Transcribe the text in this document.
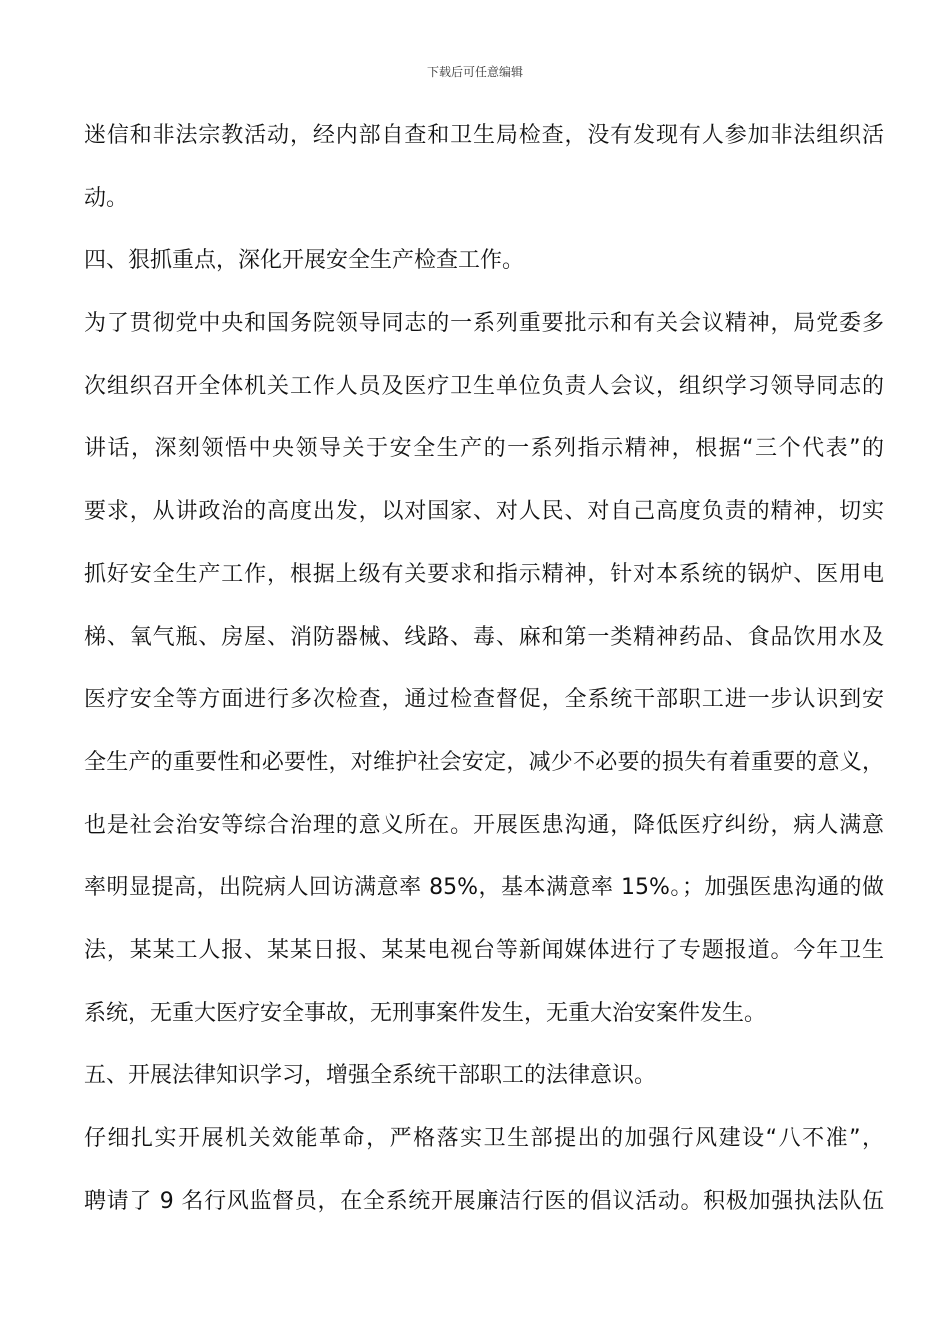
下载后可任意编辑
迷信和非法宗教活动，经内部自查和卫生局检查，没有发现有人参加非法组织活
动。
四、狠抓重点，深化开展安全生产检查工作。
为了贯彻党中央和国务院领导同志的一系列重要批示和有关会议精神，局党委多
次组织召开全体机关工作人员及医疗卫生单位负责人会议，组织学习领导同志的
讲话，深刻领悟中央领导关于安全生产的一系列指示精神，根据“三个代表”的
要求，从讲政治的高度出发，以对国家、对人民、对自己高度负责的精神，切实
抓好安全生产工作，根据上级有关要求和指示精神，针对本系统的锅炉、医用电
梯、氧气瓶、房屋、消防器械、线路、毒、麻和第一类精神药品、食品饮用水及
医疗安全等方面进行多次检查，通过检查督促，全系统干部职工进一步认识到安
全生产的重要性和必要性，对维护社会安定，减少不必要的损失有着重要的意义，
也是社会治安等综合治理的意义所在。开展医患沟通，降低医疗纠纷，病人满意
率明显提高，出院病人回访满意率 85%，基本满意率 15%。；加强医患沟通的做
法，某某工人报、某某日报、某某电视台等新闻媒体进行了专题报道。今年卫生
系统，无重大医疗安全事故，无刑事案件发生，无重大治安案件发生。
五、开展法律知识学习，增强全系统干部职工的法律意识。
仔细扎实开展机关效能革命，严格落实卫生部提出的加强行风建设“八不准”，
聘请了 9 名行风监督员，在全系统开展廉洁行医的倡议活动。积极加强执法队伍
